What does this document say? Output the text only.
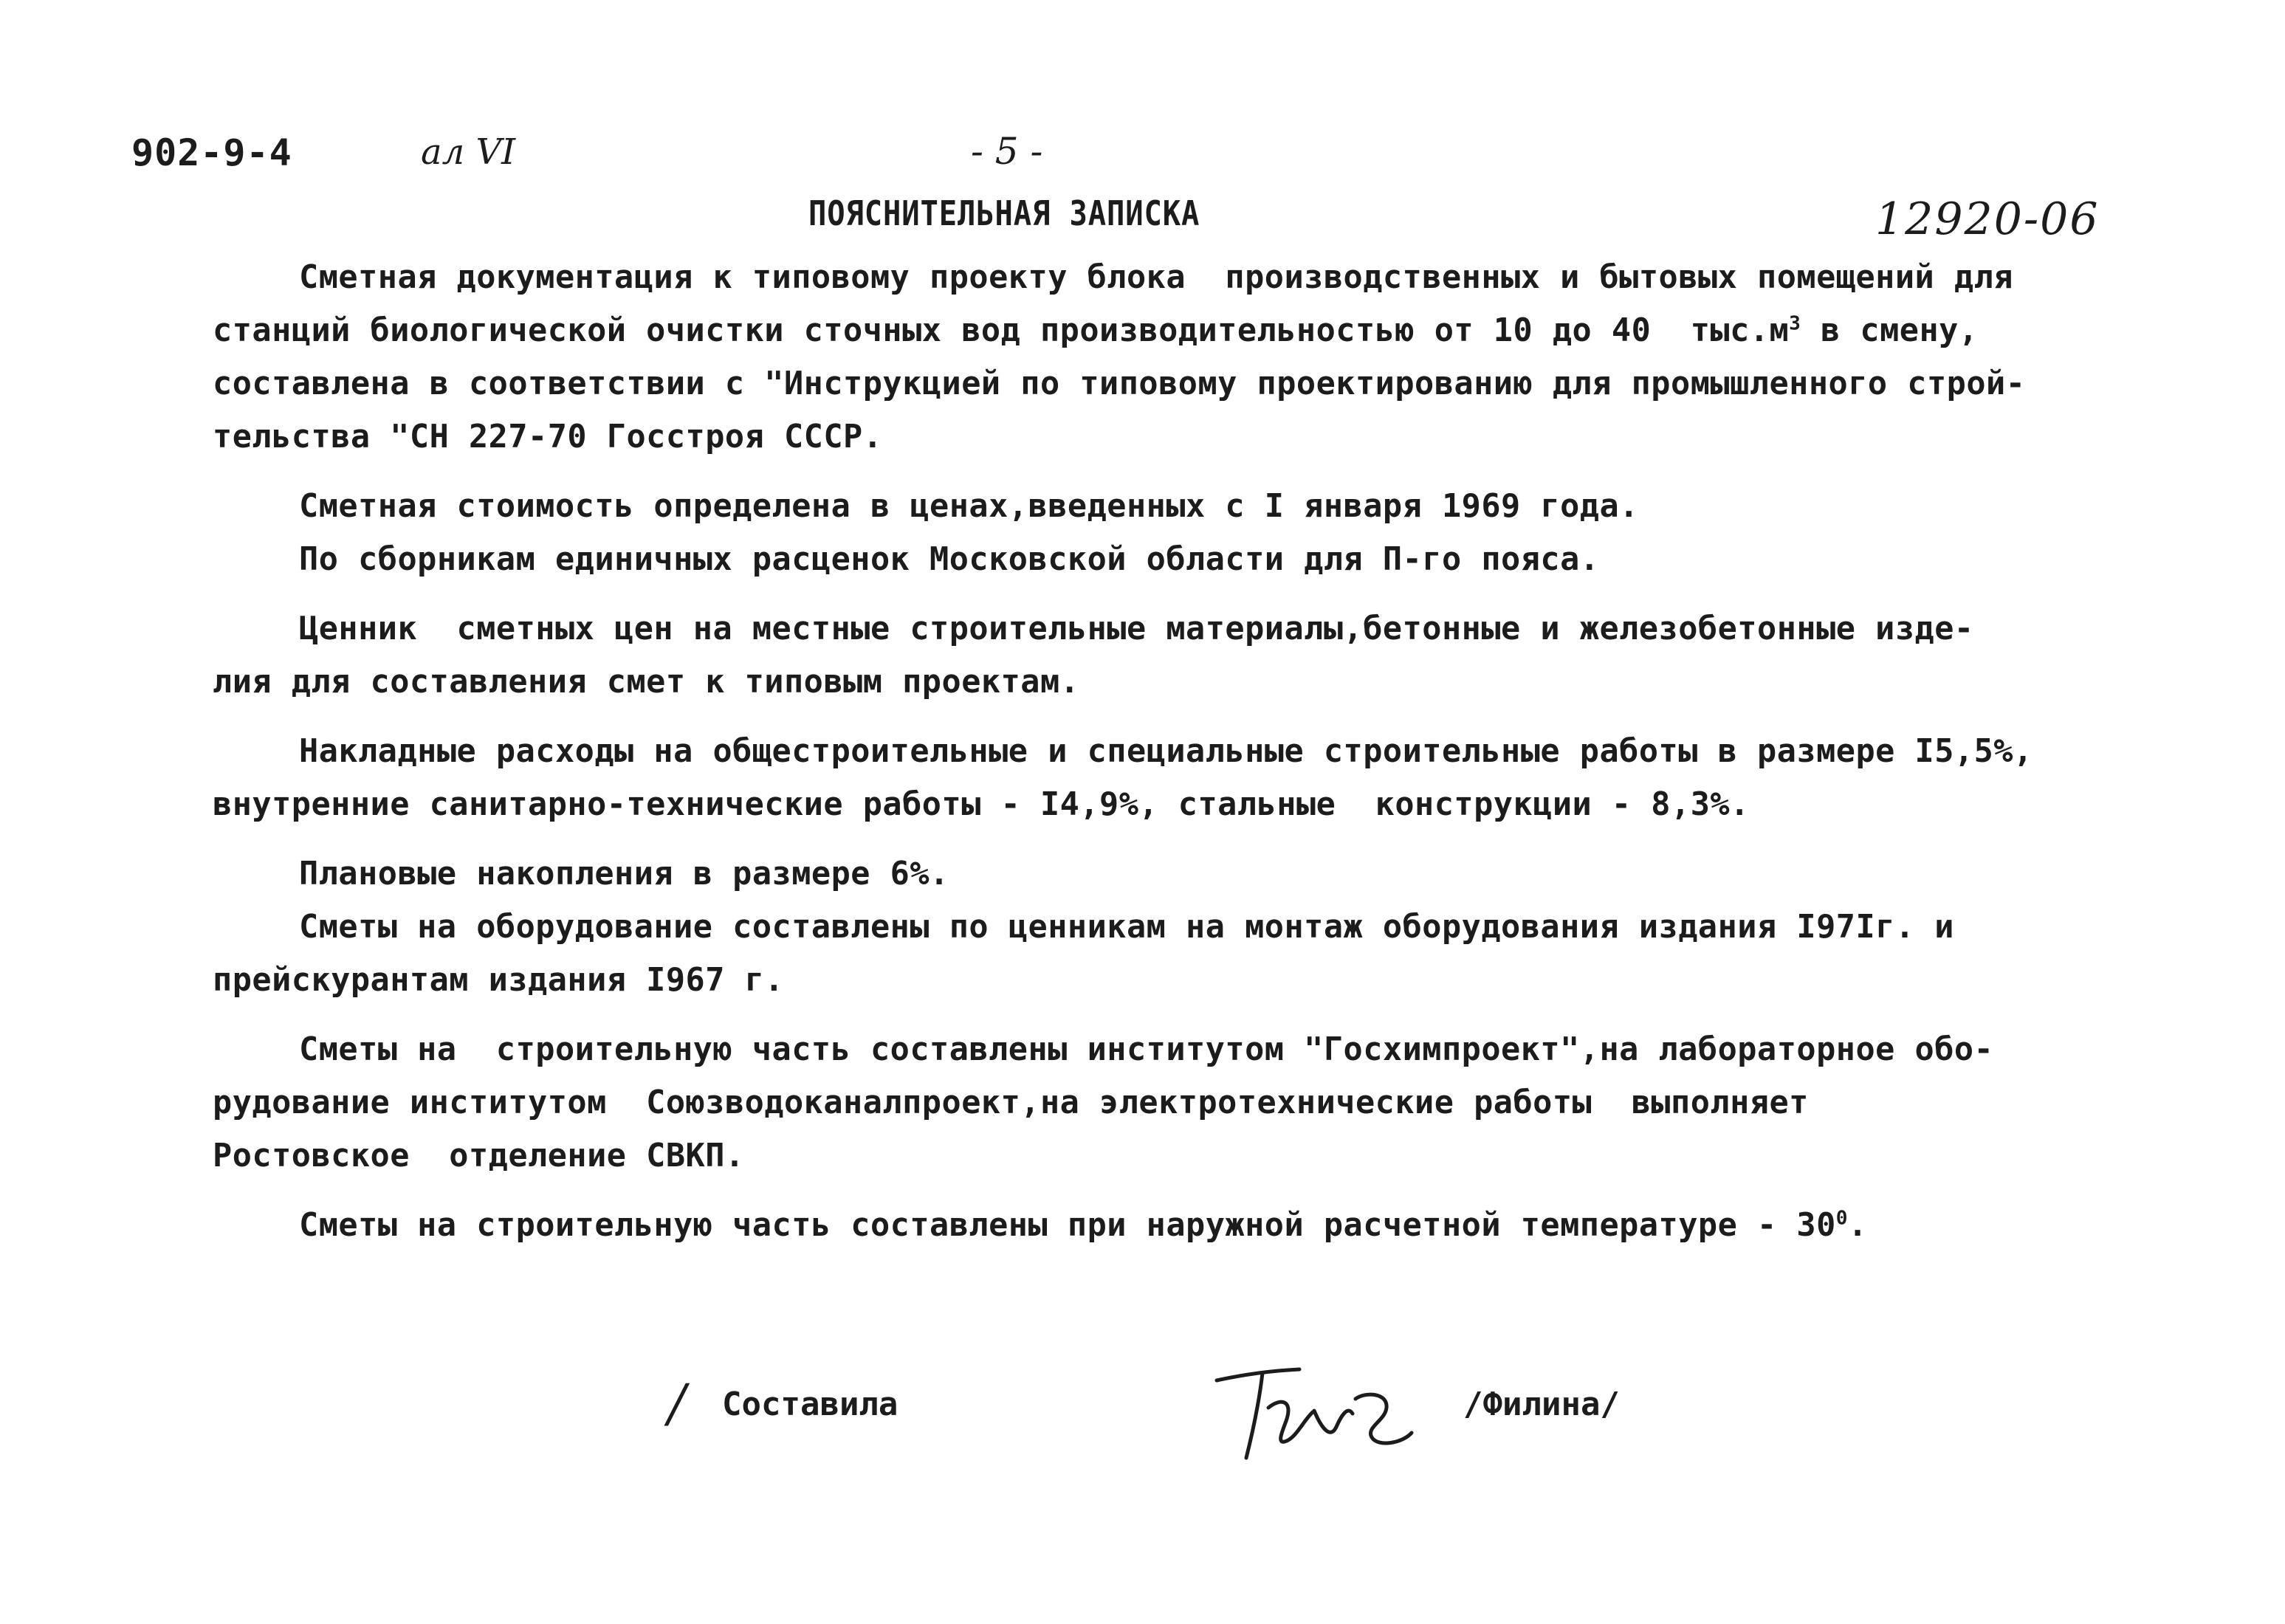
902-9-4	ал VI	- 5 -
12920-06
ПОЯСНИТЕЛЬНАЯ ЗАПИСКА
Сметная документация к типовому проекту блока  производственных и бытовых помещений для
станций биологической очистки сточных вод производительностью от 10 до 40  $тыс.м^3$ в смену,
составлена в соответствии с "Инструкцией по типовому проектированию для промышленного строй-
тельства "СН 227-70 Госстроя СССР.
Сметная стоимость определена в ценах,введенных с I января 1969 года.
По сборникам единичных расценок Московской области для П-го пояса.
Ценник  сметных цен на местные строительные материалы,бетонные и железобетонные изде-
лия для составления смет к типовым проектам.
Накладные расходы на общестроительные и специальные строительные работы в размере I5,5%,
внутренние санитарно-технические работы - I4,9%, стальные  конструкции - 8,3%.
Плановые накопления в размере 6%.
Сметы на оборудование составлены по ценникам на монтаж оборудования издания I97Iг. и
прейскурантам издания I967 г.
Сметы на  строительную часть составлены институтом "Госхимпроект",на лабораторное обо-
рудование институтом  Союзводоканалпроект,на электротехнические работы  выполняет
Ростовское  отделение СВКП.
Сметы на строительную часть составлены при наружной расчетной температуре - $30^0$.
/ Составила	/Филина/
